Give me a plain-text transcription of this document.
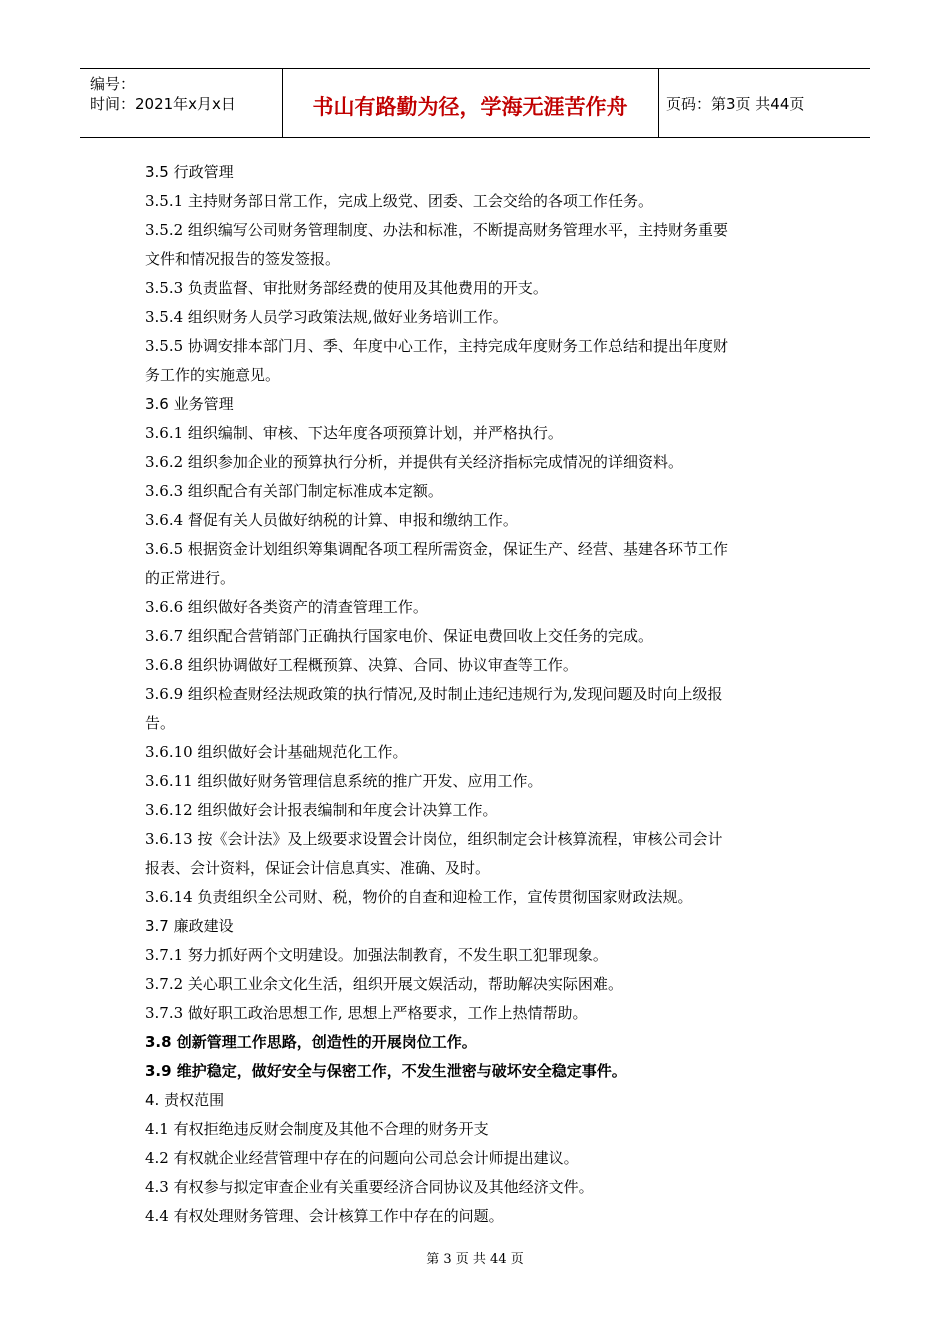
编号：
时间：2021年x月x日	书山有路勤为径，学海无涯苦作舟	页码：第3页 共44页
3.5 行政管理
3.5.1 主持财务部日常工作，完成上级党、团委、工会交给的各项工作任务。
3.5.2 组织编写公司财务管理制度、办法和标准，不断提高财务管理水平，主持财务重要
文件和情况报告的签发签报。
3.5.3 负责监督、审批财务部经费的使用及其他费用的开支。
3.5.4 组织财务人员学习政策法规,做好业务培训工作。
3.5.5 协调安排本部门月、季、年度中心工作，主持完成年度财务工作总结和提出年度财
务工作的实施意见。
3.6 业务管理
3.6.1 组织编制、审核、下达年度各项预算计划，并严格执行。
3.6.2 组织参加企业的预算执行分析，并提供有关经济指标完成情况的详细资料。
3.6.3 组织配合有关部门制定标准成本定额。
3.6.4 督促有关人员做好纳税的计算、申报和缴纳工作。
3.6.5 根据资金计划组织筹集调配各项工程所需资金，保证生产、经营、基建各环节工作
的正常进行。
3.6.6 组织做好各类资产的清查管理工作。
3.6.7 组织配合营销部门正确执行国家电价、保证电费回收上交任务的完成。
3.6.8 组织协调做好工程概预算、决算、合同、协议审查等工作。
3.6.9 组织检查财经法规政策的执行情况,及时制止违纪违规行为,发现问题及时向上级报
告。
3.6.10 组织做好会计基础规范化工作。
3.6.11 组织做好财务管理信息系统的推广开发、应用工作。
3.6.12 组织做好会计报表编制和年度会计决算工作。
3.6.13 按《会计法》及上级要求设置会计岗位，组织制定会计核算流程，审核公司会计
报表、会计资料，保证会计信息真实、准确、及时。
3.6.14 负责组织全公司财、税，物价的自查和迎检工作，宣传贯彻国家财政法规。
3.7 廉政建设
3.7.1 努力抓好两个文明建设。加强法制教育，不发生职工犯罪现象。
3.7.2 关心职工业余文化生活，组织开展文娱活动，帮助解决实际困难。
3.7.3 做好职工政治思想工作, 思想上严格要求，工作上热情帮助。
3.8 创新管理工作思路，创造性的开展岗位工作。
3.9 维护稳定，做好安全与保密工作，不发生泄密与破坏安全稳定事件。
4. 责权范围
4.1 有权拒绝违反财会制度及其他不合理的财务开支
4.2 有权就企业经营管理中存在的问题向公司总会计师提出建议。
4.3 有权参与拟定审查企业有关重要经济合同协议及其他经济文件。
4.4 有权处理财务管理、会计核算工作中存在的问题。
第 3 页 共 44 页
